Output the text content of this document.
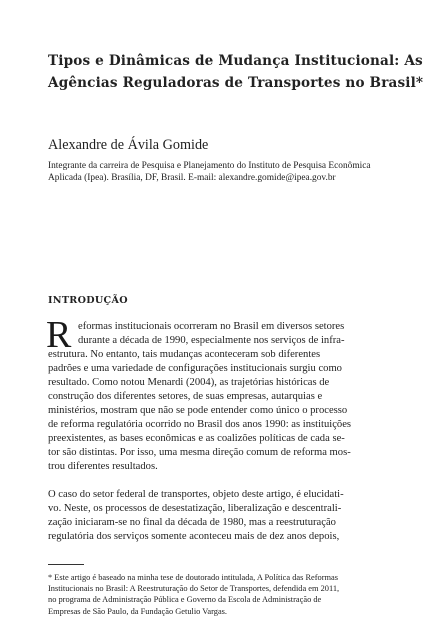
Tipos e Dinâmicas de Mudança Institucional: As
Agências Reguladoras de Transportes no Brasil*
Alexandre de Ávila Gomide
Integrante da carreira de Pesquisa e Planejamento do Instituto de Pesquisa Econômica
Aplicada (Ipea). Brasília, DF, Brasil. E-mail: alexandre.gomide@ipea.gov.br
INTRODUÇÃO
R eformas institucionais ocorreram no Brasil em diversos setores
durante a década de 1990, especialmente nos serviços de infra-
estrutura. No entanto, tais mudanças aconteceram sob diferentes
padrões e uma variedade de configurações institucionais surgiu como
resultado. Como notou Menardi (2004), as trajetórias históricas de
construção dos diferentes setores, de suas empresas, autarquias e
ministérios, mostram que não se pode entender como único o processo
de reforma regulatória ocorrido no Brasil dos anos 1990: as instituições
preexistentes, as bases econômicas e as coalizões políticas de cada se-
tor são distintas. Por isso, uma mesma direção comum de reforma mos-
trou diferentes resultados.
O caso do setor federal de transportes, objeto deste artigo, é elucidati-
vo. Neste, os processos de desestatização, liberalização e descentrali-
zação iniciaram-se no final da década de 1980, mas a reestruturação
regulatória dos serviços somente aconteceu mais de dez anos depois,
* Este artigo é baseado na minha tese de doutorado intitulada, A Política das Reformas
Institucionais no Brasil: A Reestruturação do Setor de Transportes, defendida em 2011,
no programa de Administração Pública e Governo da Escola de Administração de
Empresas de São Paulo, da Fundação Getulio Vargas.
